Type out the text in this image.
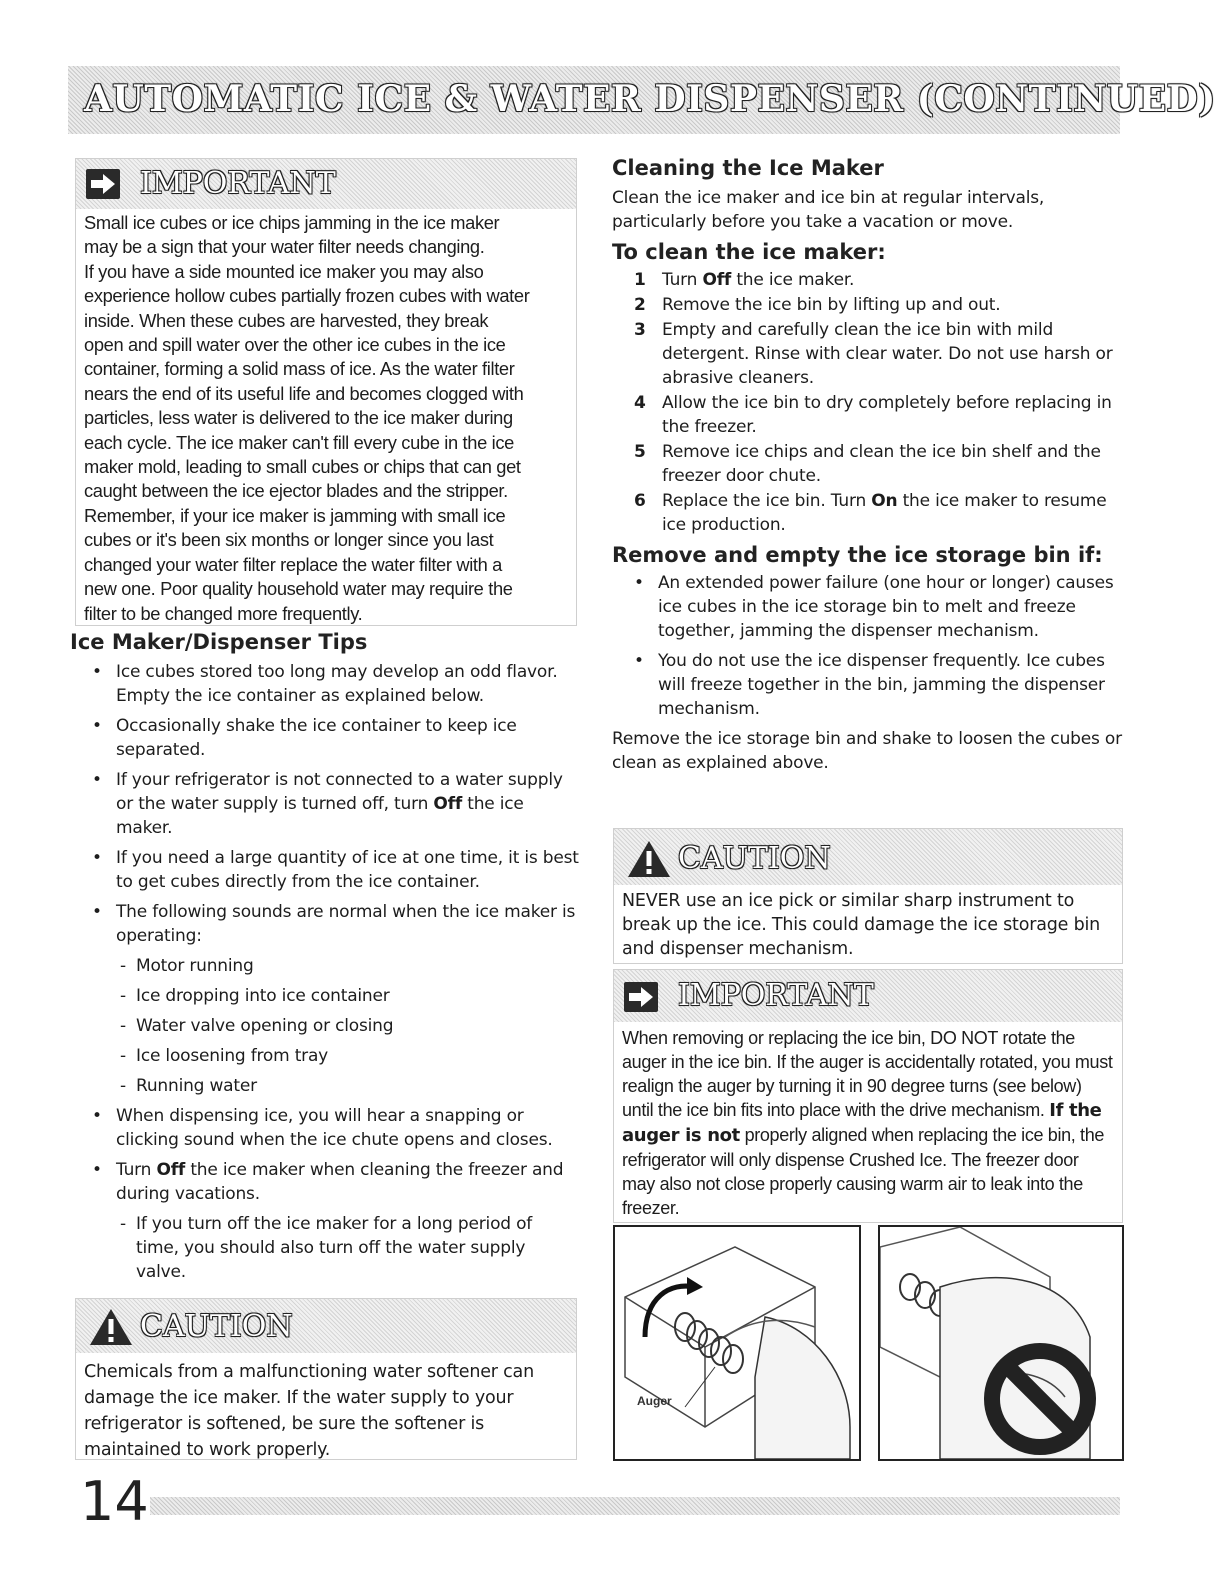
AUTOMATIC ICE & WATER DISPENSER (CONTINUED)
IMPORTANT
Small ice cubes or ice chips jamming in the ice maker
may be a sign that your water filter needs changing.
If you have a side mounted ice maker you may also
experience hollow cubes partially frozen cubes with water
inside. When these cubes are harvested, they break
open and spill water over the other ice cubes in the ice
container, forming a solid mass of ice. As the water filter
nears the end of its useful life and becomes clogged with
particles, less water is delivered to the ice maker during
each cycle. The ice maker can't fill every cube in the ice
maker mold, leading to small cubes or chips that can get
caught between the ice ejector blades and the stripper.
Remember, if your ice maker is jamming with small ice
cubes or it's been six months or longer since you last
changed your water filter replace the water filter with a
new one. Poor quality household water may require the
filter to be changed more frequently.
Ice Maker/Dispenser Tips
• Ice cubes stored too long may develop an odd flavor. Empty the ice container as explained below.
• Occasionally shake the ice container to keep ice separated.
• If your refrigerator is not connected to a water supply or the water supply is turned off, turn Off the ice maker.
• If you need a large quantity of ice at one time, it is best to get cubes directly from the ice container.
• The following sounds are normal when the ice maker is operating:
- Motor running
- Ice dropping into ice container
- Water valve opening or closing
- Ice loosening from tray
- Running water
• When dispensing ice, you will hear a snapping or clicking sound when the ice chute opens and closes.
• Turn Off the ice maker when cleaning the freezer and during vacations.
- If you turn off the ice maker for a long period of time, you should also turn off the water supply valve.
CAUTION
Chemicals from a malfunctioning water softener can damage the ice maker. If the water supply to your refrigerator is softened, be sure the softener is maintained to work properly.
Cleaning the Ice Maker
Clean the ice maker and ice bin at regular intervals, particularly before you take a vacation or move.
To clean the ice maker:
1 Turn Off the ice maker.
2 Remove the ice bin by lifting up and out.
3 Empty and carefully clean the ice bin with mild detergent. Rinse with clear water. Do not use harsh or abrasive cleaners.
4 Allow the ice bin to dry completely before replacing in the freezer.
5 Remove ice chips and clean the ice bin shelf and the freezer door chute.
6 Replace the ice bin. Turn On the ice maker to resume ice production.
Remove and empty the ice storage bin if:
• An extended power failure (one hour or longer) causes ice cubes in the ice storage bin to melt and freeze together, jamming the dispenser mechanism.
• You do not use the ice dispenser frequently. Ice cubes will freeze together in the bin, jamming the dispenser mechanism.
Remove the ice storage bin and shake to loosen the cubes or clean as explained above.
CAUTION
NEVER use an ice pick or similar sharp instrument to break up the ice. This could damage the ice storage bin and dispenser mechanism.
IMPORTANT
When removing or replacing the ice bin, DO NOT rotate the auger in the ice bin. If the auger is accidentally rotated, you must realign the auger by turning it in 90 degree turns (see below) until the ice bin fits into place with the drive mechanism. If the auger is not properly aligned when replacing the ice bin, the refrigerator will only dispense Crushed Ice. The freezer door may also not close properly causing warm air to leak into the freezer.
Auger
14
